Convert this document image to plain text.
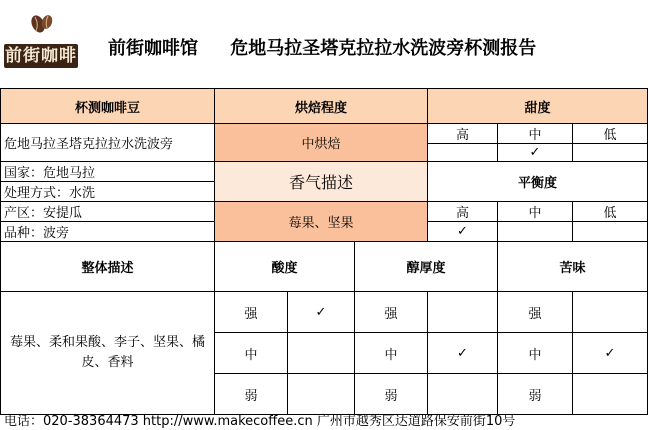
前街咖啡 前街咖啡馆 危地马拉圣塔克拉拉水洗波旁杯测报告
杯测咖啡豆	烘焙程度			甜度		
危地马拉圣塔克拉拉水洗波旁	中烘焙			高	中	低
					✓	
国家：危地马拉	香气描述			平衡度		
处理方式：水洗						
产区：安提瓜	莓果、坚果			高	中	低
品种：波旁				✓		
整体描述	酸度		醇厚度		苦味	
莓果、柔和果酸、李子、坚果、橘皮、香料	强	✓	强		强	
	中		中	✓	中	✓
	弱		弱		弱	
电话：020-38364473 http://www.makecoffee.cn 广州市越秀区达道路保安前街10号
